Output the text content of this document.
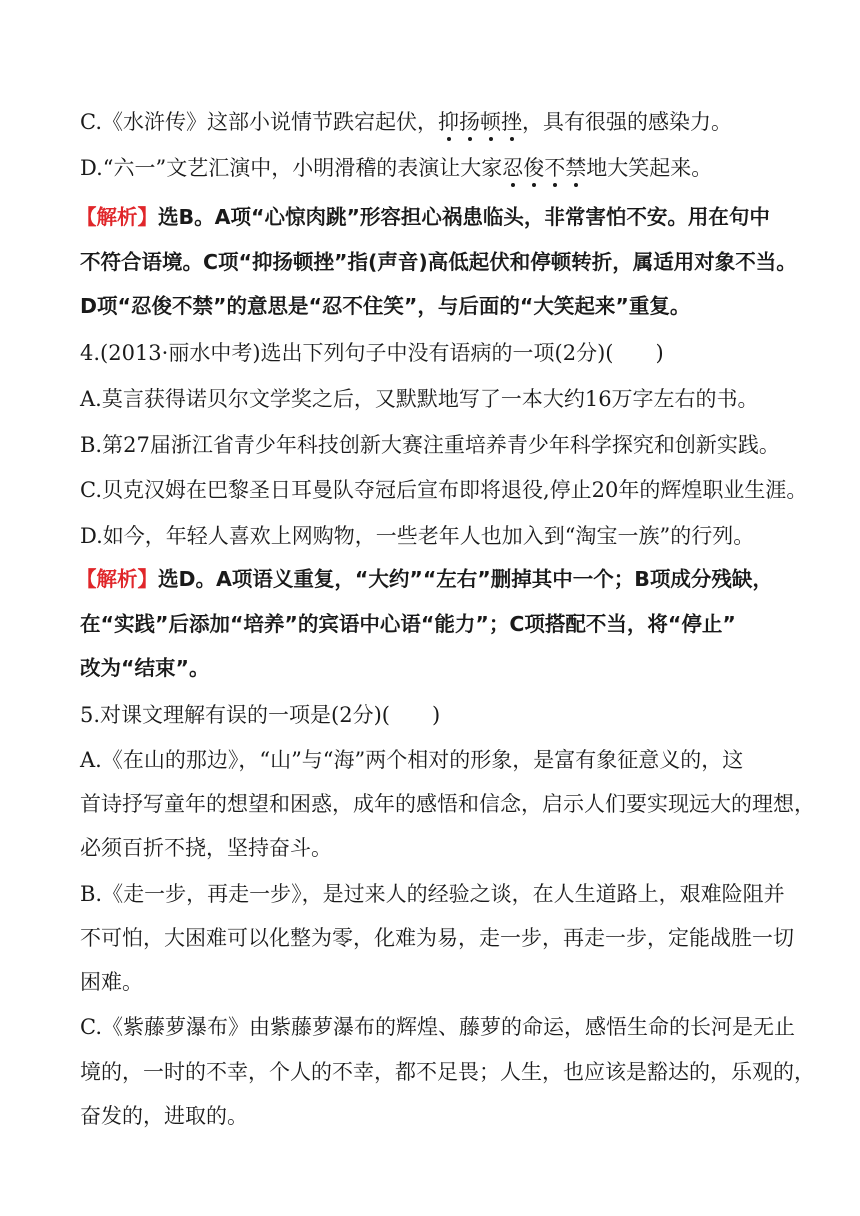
C.《水浒传》这部小说情节跌宕起伏，抑扬顿挫，具有很强的感染力。
D.“六一”文艺汇演中，小明滑稽的表演让大家忍俊不禁地大笑起来。
【解析】选B。A项“心惊肉跳”形容担心祸患临头，非常害怕不安。用在句中
不符合语境。C项“抑扬顿挫”指(声音)高低起伏和停顿转折，属适用对象不当。
D项“忍俊不禁”的意思是“忍不住笑”，与后面的“大笑起来”重复。
4.(2013·丽水中考)选出下列句子中没有语病的一项(2分)(　　)
A.莫言获得诺贝尔文学奖之后，又默默地写了一本大约16万字左右的书。
B.第27届浙江省青少年科技创新大赛注重培养青少年科学探究和创新实践。
C.贝克汉姆在巴黎圣日耳曼队夺冠后宣布即将退役,停止20年的辉煌职业生涯。
D.如今，年轻人喜欢上网购物，一些老年人也加入到“淘宝一族”的行列。
【解析】选D。A项语义重复，“大约”“左右”删掉其中一个；B项成分残缺，
在“实践”后添加“培养”的宾语中心语“能力”；C项搭配不当，将“停止”
改为“结束”。
5.对课文理解有误的一项是(2分)(　　)
A.《在山的那边》，“山”与“海”两个相对的形象，是富有象征意义的，这
首诗抒写童年的想望和困惑，成年的感悟和信念，启示人们要实现远大的理想，
必须百折不挠，坚持奋斗。
B.《走一步，再走一步》，是过来人的经验之谈，在人生道路上，艰难险阻并
不可怕，大困难可以化整为零，化难为易，走一步，再走一步，定能战胜一切
困难。
C.《紫藤萝瀑布》由紫藤萝瀑布的辉煌、藤萝的命运，感悟生命的长河是无止
境的，一时的不幸，个人的不幸，都不足畏；人生，也应该是豁达的，乐观的，
奋发的，进取的。
